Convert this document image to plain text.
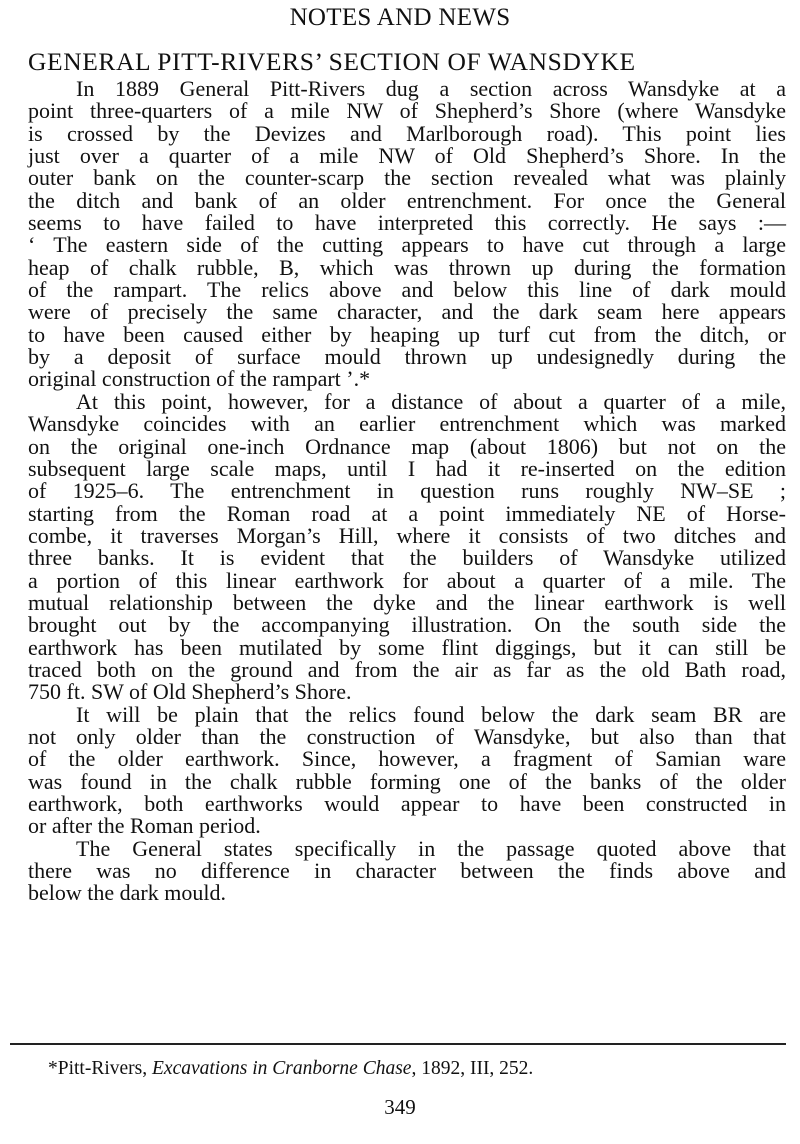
NOTES AND NEWS
GENERAL PITT-RIVERS’ SECTION OF WANSDYKE
In 1889 General Pitt-Rivers dug a section across Wansdyke at a
point three-quarters of a mile NW of Shepherd’s Shore (where Wansdyke
is crossed by the Devizes and Marlborough road). This point lies
just over a quarter of a mile NW of Old Shepherd’s Shore. In the
outer bank on the counter-scarp the section revealed what was plainly
the ditch and bank of an older entrenchment. For once the General
seems to have failed to have interpreted this correctly. He says :—
‘ The eastern side of the cutting appears to have cut through a large
heap of chalk rubble, B, which was thrown up during the formation
of the rampart. The relics above and below this line of dark mould
were of precisely the same character, and the dark seam here appears
to have been caused either by heaping up turf cut from the ditch, or
by a deposit of surface mould thrown up undesignedly during the
original construction of the rampart ’.*
At this point, however, for a distance of about a quarter of a mile,
Wansdyke coincides with an earlier entrenchment which was marked
on the original one-inch Ordnance map (about 1806) but not on the
subsequent large scale maps, until I had it re-inserted on the edition
of 1925–6. The entrenchment in question runs roughly NW–SE ;
starting from the Roman road at a point immediately NE of Horse-
combe, it traverses Morgan’s Hill, where it consists of two ditches and
three banks. It is evident that the builders of Wansdyke utilized
a portion of this linear earthwork for about a quarter of a mile. The
mutual relationship between the dyke and the linear earthwork is well
brought out by the accompanying illustration. On the south side the
earthwork has been mutilated by some flint diggings, but it can still be
traced both on the ground and from the air as far as the old Bath road,
750 ft. SW of Old Shepherd’s Shore.
It will be plain that the relics found below the dark seam BR are
not only older than the construction of Wansdyke, but also than that
of the older earthwork. Since, however, a fragment of Samian ware
was found in the chalk rubble forming one of the banks of the older
earthwork, both earthworks would appear to have been constructed in
or after the Roman period.
The General states specifically in the passage quoted above that
there was no difference in character between the finds above and
below the dark mould.
*Pitt-Rivers, Excavations in Cranborne Chase, 1892, III, 252.
349
